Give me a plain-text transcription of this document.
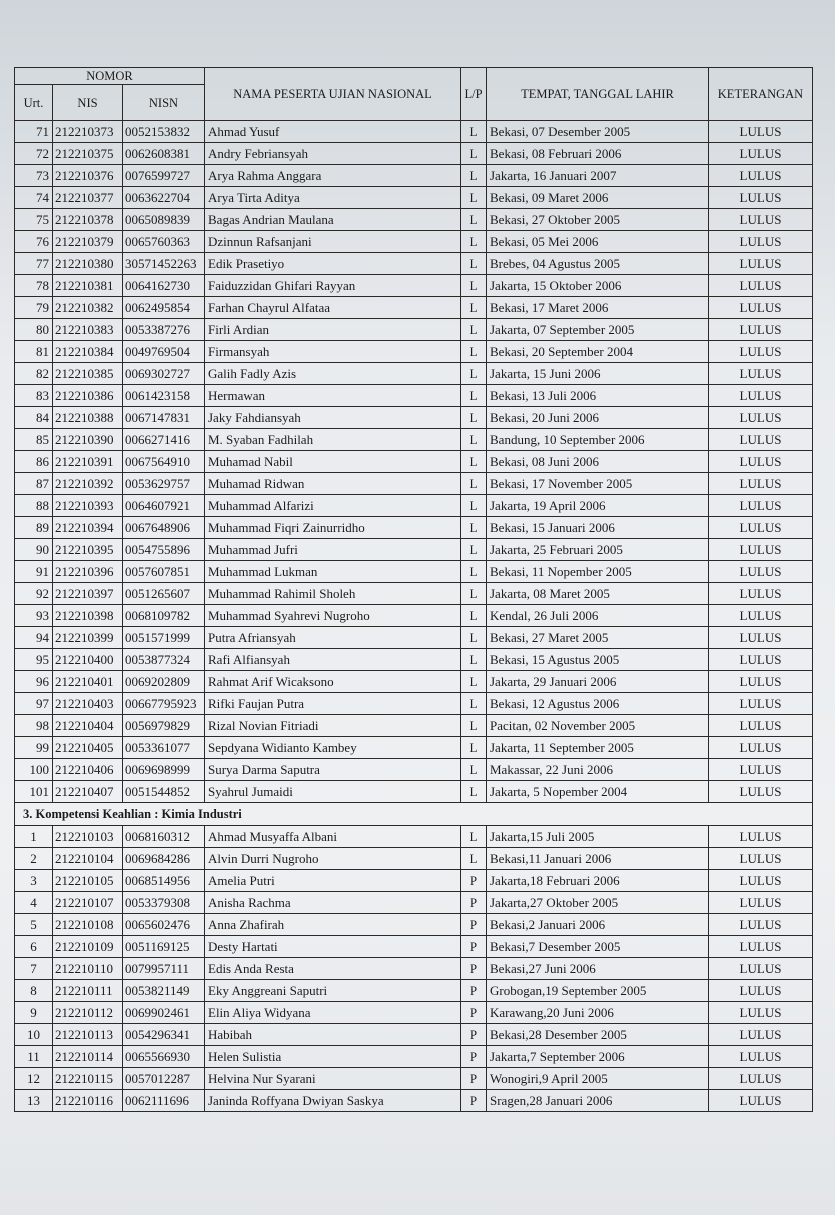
NOMOR			NAMA PESERTA UJIAN NASIONAL	L/P	TEMPAT, TANGGAL LAHIR	KETERANGAN
Urt.	NIS	NISN				
71	212210373	0052153832	Ahmad Yusuf	L	Bekasi, 07 Desember 2005	LULUS
72	212210375	0062608381	Andry Febriansyah	L	Bekasi, 08 Februari 2006	LULUS
73	212210376	0076599727	Arya Rahma Anggara	L	Jakarta, 16 Januari 2007	LULUS
74	212210377	0063622704	Arya Tirta Aditya	L	Bekasi, 09 Maret 2006	LULUS
75	212210378	0065089839	Bagas Andrian Maulana	L	Bekasi, 27 Oktober 2005	LULUS
76	212210379	0065760363	Dzinnun Rafsanjani	L	Bekasi, 05 Mei 2006	LULUS
77	212210380	30571452263	Edik Prasetiyo	L	Brebes, 04 Agustus 2005	LULUS
78	212210381	0064162730	Faiduzzidan Ghifari Rayyan	L	Jakarta, 15 Oktober 2006	LULUS
79	212210382	0062495854	Farhan Chayrul Alfataa	L	Bekasi, 17 Maret 2006	LULUS
80	212210383	0053387276	Firli Ardian	L	Jakarta, 07 September 2005	LULUS
81	212210384	0049769504	Firmansyah	L	Bekasi, 20 September 2004	LULUS
82	212210385	0069302727	Galih Fadly Azis	L	Jakarta, 15 Juni 2006	LULUS
83	212210386	0061423158	Hermawan	L	Bekasi, 13 Juli 2006	LULUS
84	212210388	0067147831	Jaky Fahdiansyah	L	Bekasi, 20 Juni 2006	LULUS
85	212210390	0066271416	M. Syaban Fadhilah	L	Bandung, 10 September 2006	LULUS
86	212210391	0067564910	Muhamad Nabil	L	Bekasi, 08 Juni 2006	LULUS
87	212210392	0053629757	Muhamad Ridwan	L	Bekasi, 17 November 2005	LULUS
88	212210393	0064607921	Muhammad Alfarizi	L	Jakarta, 19 April 2006	LULUS
89	212210394	0067648906	Muhammad Fiqri Zainurridho	L	Bekasi, 15 Januari 2006	LULUS
90	212210395	0054755896	Muhammad Jufri	L	Jakarta, 25 Februari 2005	LULUS
91	212210396	0057607851	Muhammad Lukman	L	Bekasi, 11 Nopember 2005	LULUS
92	212210397	0051265607	Muhammad Rahimil Sholeh	L	Jakarta, 08 Maret 2005	LULUS
93	212210398	0068109782	Muhammad Syahrevi Nugroho	L	Kendal, 26 Juli 2006	LULUS
94	212210399	0051571999	Putra Afriansyah	L	Bekasi, 27 Maret 2005	LULUS
95	212210400	0053877324	Rafi Alfiansyah	L	Bekasi, 15 Agustus 2005	LULUS
96	212210401	0069202809	Rahmat Arif Wicaksono	L	Jakarta, 29 Januari 2006	LULUS
97	212210403	00667795923	Rifki Faujan Putra	L	Bekasi, 12 Agustus 2006	LULUS
98	212210404	0056979829	Rizal Novian Fitriadi	L	Pacitan, 02 November 2005	LULUS
99	212210405	0053361077	Sepdyana Widianto Kambey	L	Jakarta, 11 September 2005	LULUS
100	212210406	0069698999	Surya Darma Saputra	L	Makassar, 22 Juni 2006	LULUS
101	212210407	0051544852	Syahrul Jumaidi	L	Jakarta, 5 Nopember 2004	LULUS
3. Kompetensi Keahlian : Kimia Industri						
1	212210103	0068160312	Ahmad Musyaffa Albani	L	Jakarta,15 Juli 2005	LULUS
2	212210104	0069684286	Alvin Durri Nugroho	L	Bekasi,11 Januari 2006	LULUS
3	212210105	0068514956	Amelia Putri	P	Jakarta,18 Februari 2006	LULUS
4	212210107	0053379308	Anisha Rachma	P	Jakarta,27 Oktober 2005	LULUS
5	212210108	0065602476	Anna Zhafirah	P	Bekasi,2 Januari 2006	LULUS
6	212210109	0051169125	Desty Hartati	P	Bekasi,7 Desember 2005	LULUS
7	212210110	0079957111	Edis Anda Resta	P	Bekasi,27 Juni 2006	LULUS
8	212210111	0053821149	Eky Anggreani Saputri	P	Grobogan,19 September 2005	LULUS
9	212210112	0069902461	Elin Aliya Widyana	P	Karawang,20 Juni 2006	LULUS
10	212210113	0054296341	Habibah	P	Bekasi,28 Desember 2005	LULUS
11	212210114	0065566930	Helen Sulistia	P	Jakarta,7 September 2006	LULUS
12	212210115	0057012287	Helvina Nur Syarani	P	Wonogiri,9 April 2005	LULUS
13	212210116	0062111696	Janinda Roffyana Dwiyan Saskya	P	Sragen,28 Januari 2006	LULUS
